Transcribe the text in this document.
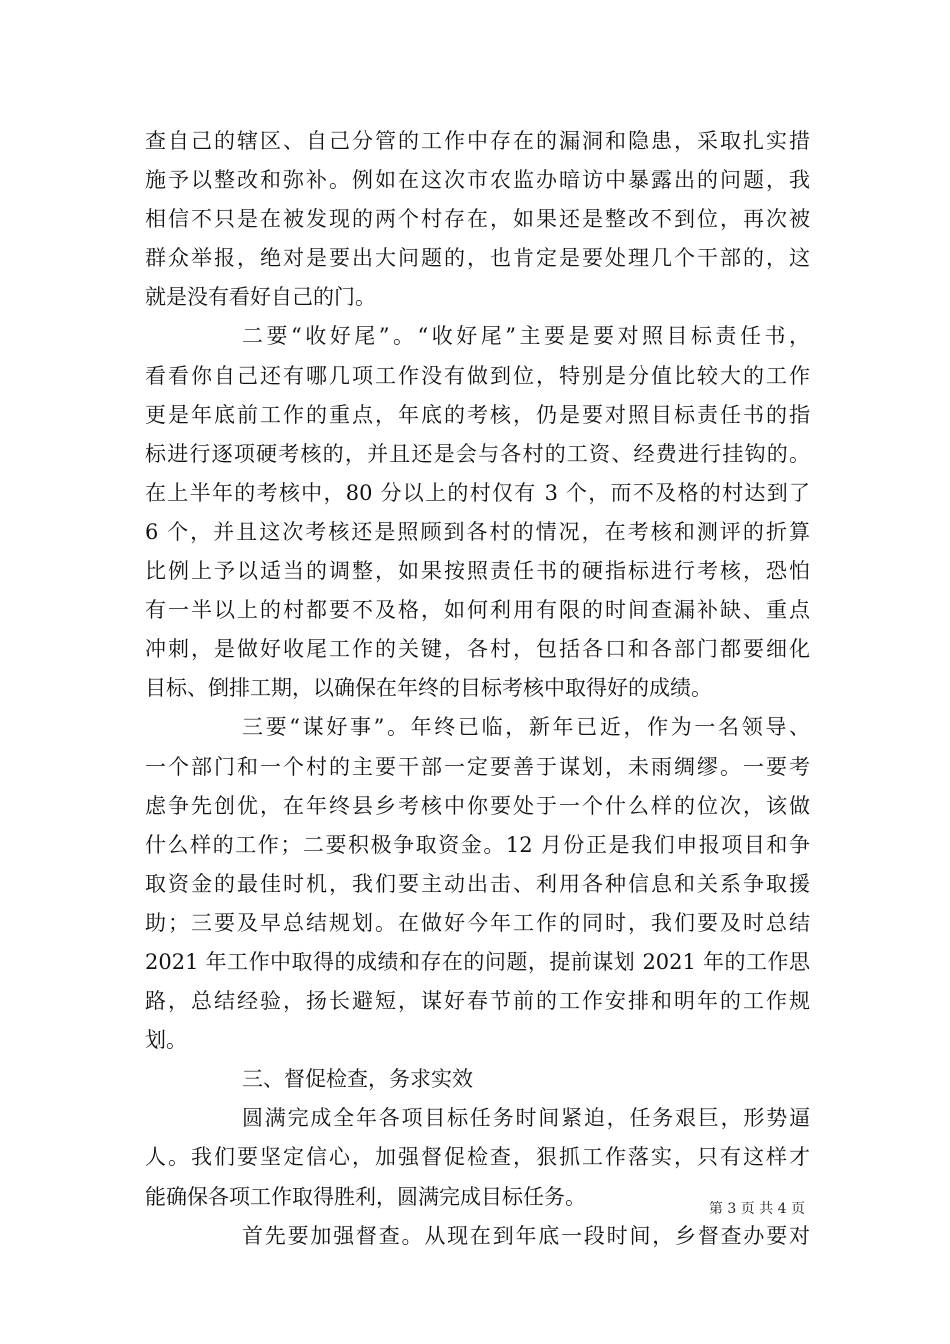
查自己的辖区、自己分管的工作中存在的漏洞和隐患，采取扎实措
施予以整改和弥补。例如在这次市农监办暗访中暴露出的问题，我
相信不只是在被发现的两个村存在，如果还是整改不到位，再次被
群众举报，绝对是要出大问题的，也肯定是要处理几个干部的，这
就是没有看好自己的门。
二要“收好尾”。“收好尾”主要是要对照目标责任书，
看看你自己还有哪几项工作没有做到位，特别是分值比较大的工作
更是年底前工作的重点，年底的考核，仍是要对照目标责任书的指
标进行逐项硬考核的，并且还是会与各村的工资、经费进行挂钩的。
在上半年的考核中，80 分以上的村仅有 3 个，而不及格的村达到了
6 个，并且这次考核还是照顾到各村的情况，在考核和测评的折算
比例上予以适当的调整，如果按照责任书的硬指标进行考核，恐怕
有一半以上的村都要不及格，如何利用有限的时间查漏补缺、重点
冲刺，是做好收尾工作的关键，各村，包括各口和各部门都要细化
目标、倒排工期，以确保在年终的目标考核中取得好的成绩。
三要“谋好事”。年终已临，新年已近，作为一名领导、
一个部门和一个村的主要干部一定要善于谋划，未雨绸缪。一要考
虑争先创优，在年终县乡考核中你要处于一个什么样的位次，该做
什么样的工作；二要积极争取资金。12 月份正是我们申报项目和争
取资金的最佳时机，我们要主动出击、利用各种信息和关系争取援
助；三要及早总结规划。在做好今年工作的同时，我们要及时总结
2021 年工作中取得的成绩和存在的问题，提前谋划 2021 年的工作思
路，总结经验，扬长避短，谋好春节前的工作安排和明年的工作规
划。
三、督促检查，务求实效
圆满完成全年各项目标任务时间紧迫，任务艰巨，形势逼
人。我们要坚定信心，加强督促检查，狠抓工作落实，只有这样才
能确保各项工作取得胜利，圆满完成目标任务。
首先要加强督查。从现在到年底一段时间，乡督查办要对
第 3 页 共 4 页
